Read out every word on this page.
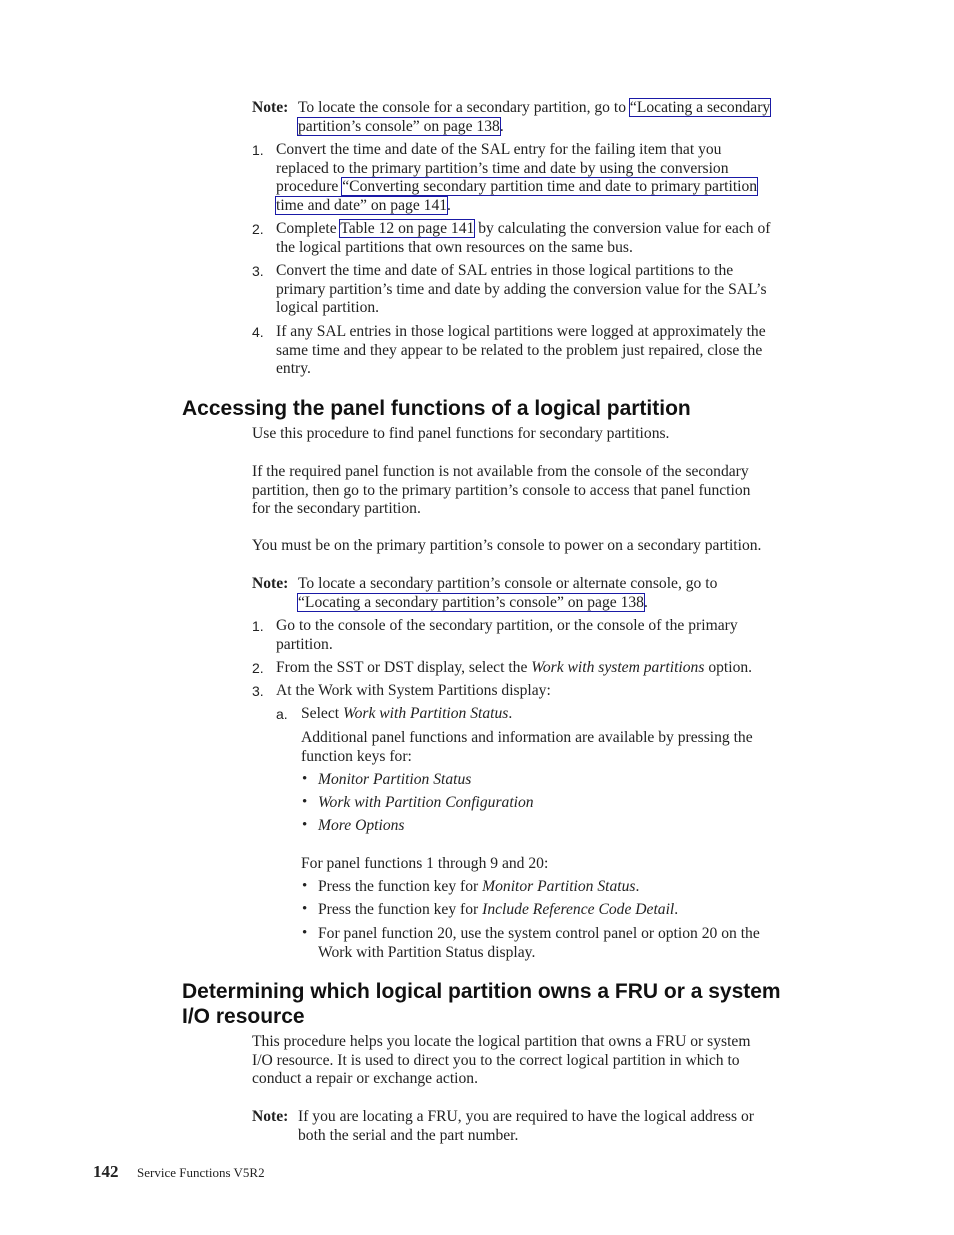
Note: To locate the console for a secondary partition, go to “Locating a secondary
partition’s console” on page 138.
1. Convert the time and date of the SAL entry for the failing item that you
replaced to the primary partition’s time and date by using the conversion
procedure “Converting secondary partition time and date to primary partition
time and date” on page 141.
2. Complete Table 12 on page 141 by calculating the conversion value for each of
the logical partitions that own resources on the same bus.
3. Convert the time and date of SAL entries in those logical partitions to the
primary partition’s time and date by adding the conversion value for the SAL’s
logical partition.
4. If any SAL entries in those logical partitions were logged at approximately the
same time and they appear to be related to the problem just repaired, close the
entry.
Accessing the panel functions of a logical partition
Use this procedure to find panel functions for secondary partitions.
If the required panel function is not available from the console of the secondary
partition, then go to the primary partition’s console to access that panel function
for the secondary partition.
You must be on the primary partition’s console to power on a secondary partition.
Note: To locate a secondary partition’s console or alternate console, go to
“Locating a secondary partition’s console” on page 138.
1. Go to the console of the secondary partition, or the console of the primary
partition.
2. From the SST or DST display, select the Work with system partitions option.
3. At the Work with System Partitions display:
a. Select Work with Partition Status.
Additional panel functions and information are available by pressing the
function keys for:
• Monitor Partition Status
• Work with Partition Configuration
• More Options
For panel functions 1 through 9 and 20:
• Press the function key for Monitor Partition Status.
• Press the function key for Include Reference Code Detail.
• For panel function 20, use the system control panel or option 20 on the
Work with Partition Status display.
Determining which logical partition owns a FRU or a system
I/O resource
This procedure helps you locate the logical partition that owns a FRU or system
I/O resource. It is used to direct you to the correct logical partition in which to
conduct a repair or exchange action.
Note: If you are locating a FRU, you are required to have the logical address or
both the serial and the part number.
142 Service Functions V5R2
